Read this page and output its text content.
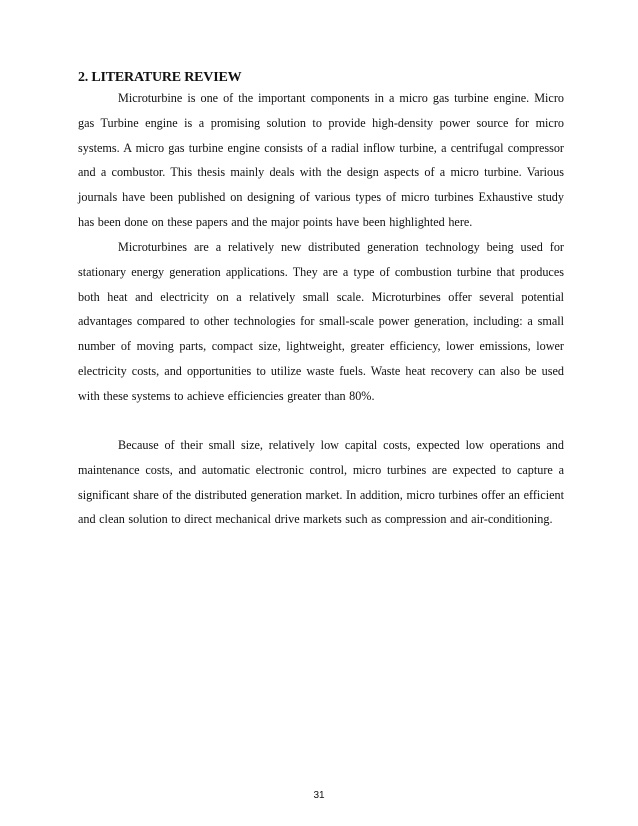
2. LITERATURE REVIEW

Microturbine is one of the important components in a micro gas turbine engine. Micro gas Turbine engine is a promising solution to provide high-density power source for micro systems. A micro gas turbine engine consists of a radial inflow turbine, a centrifugal compressor and a combustor. This thesis mainly deals with the design aspects of a micro turbine. Various journals have been published on designing of various types of micro turbines Exhaustive study has been done on these papers and the major points have been highlighted here.

Microturbines are a relatively new distributed generation technology being used for stationary energy generation applications. They are a type of combustion turbine that produces both heat and electricity on a relatively small scale. Microturbines offer several potential advantages compared to other technologies for small-scale power generation, including: a small number of moving parts, compact size, lightweight, greater efficiency, lower emissions, lower electricity costs, and opportunities to utilize waste fuels. Waste heat recovery can also be used with these systems to achieve efficiencies greater than 80%.

Because of their small size, relatively low capital costs, expected low operations and maintenance costs, and automatic electronic control, micro turbines are expected to capture a significant share of the distributed generation market. In addition, micro turbines offer an efficient and clean solution to direct mechanical drive markets such as compression and air-conditioning.

31
